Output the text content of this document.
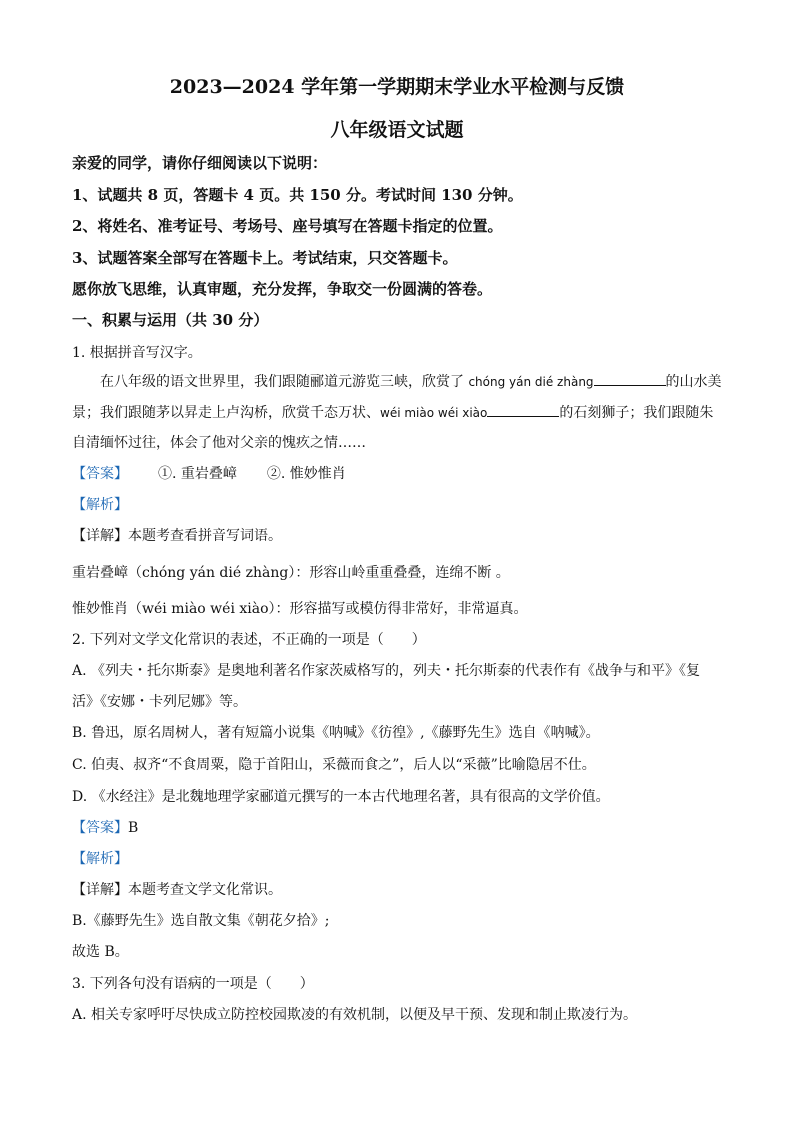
2023—2024 学年第一学期期末学业水平检测与反馈
八年级语文试题
亲爱的同学，请你仔细阅读以下说明：
1、试题共 8 页，答题卡 4 页。共 150 分。考试时间 130 分钟。
2、将姓名、准考证号、考场号、座号填写在答题卡指定的位置。
3、试题答案全部写在答题卡上。考试结束，只交答题卡。
愿你放飞思维，认真审题，充分发挥，争取交一份圆满的答卷。
一、积累与运用（共 30 分）
1. 根据拼音写汉字。
在八年级的语文世界里，我们跟随郦道元游览三峡，欣赏了 chóng yán dié zhàng	的山水美
景；我们跟随茅以昇走上卢沟桥，欣赏千态万状、wéi miào wéi xiào	的石刻狮子；我们跟随朱
自清缅怀过往，体会了他对父亲的愧疚之情……
【答案】 ①. 重岩叠嶂 ②. 惟妙惟肖
【解析】
【详解】本题考查看拼音写词语。
重岩叠嶂（chóng yán dié zhàng）：形容山岭重重叠叠，连绵不断 。
惟妙惟肖（wéi miào wéi xiào）：形容描写或模仿得非常好，非常逼真。
2. 下列对文学文化常识的表述，不正确的一项是（　　）
A. 《列夫・托尔斯泰》是奥地利著名作家茨威格写的，列夫・托尔斯泰的代表作有《战争与和平》《复
活》《安娜・卡列尼娜》等。
B. 鲁迅，原名周树人，著有短篇小说集《呐喊》《彷徨》,《藤野先生》选自《呐喊》。
C. 伯夷、叔齐“不食周粟，隐于首阳山，采薇而食之”，后人以“采薇”比喻隐居不仕。
D. 《水经注》是北魏地理学家郦道元撰写的一本古代地理名著，具有很高的文学价值。
【答案】B
【解析】
【详解】本题考查文学文化常识。
B.《藤野先生》选自散文集《朝花夕拾》;
故选 B。
3. 下列各句没有语病的一项是（　　）
A. 相关专家呼吁尽快成立防控校园欺凌的有效机制，以便及早干预、发现和制止欺凌行为。
